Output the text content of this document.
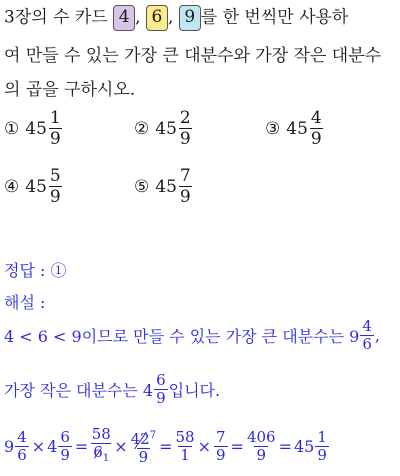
3장의 수 카드 4 , 6 , 9 를 한 번씩만 사용하
여 만들 수 있는 가장 큰 대분수와 가장 작은 대분수
의 곱을 구하시오.
① $45 \frac{1}{9}$	② $45 \frac{2}{9}$	③ $45 \frac{4}{9}$
④ $45 \frac{5}{9}$	⑤ $45 \frac{7}{9}$
정답 : ①
해설 :
4 < 6 < 9이므로 만들 수 있는 가장 큰 대분수는 $9 \frac{4}{6}$ ,
가장 작은 대분수는 $4 \frac{6}{9}$ 입니다.
$9 \frac{4}{6} \times 4 \frac{6}{9} = \frac{58}{6_1} \times \frac{42^7}{9} = \frac{58}{1} \times \frac{7}{9} = \frac{406}{9} = 45 \frac{1}{9}$
